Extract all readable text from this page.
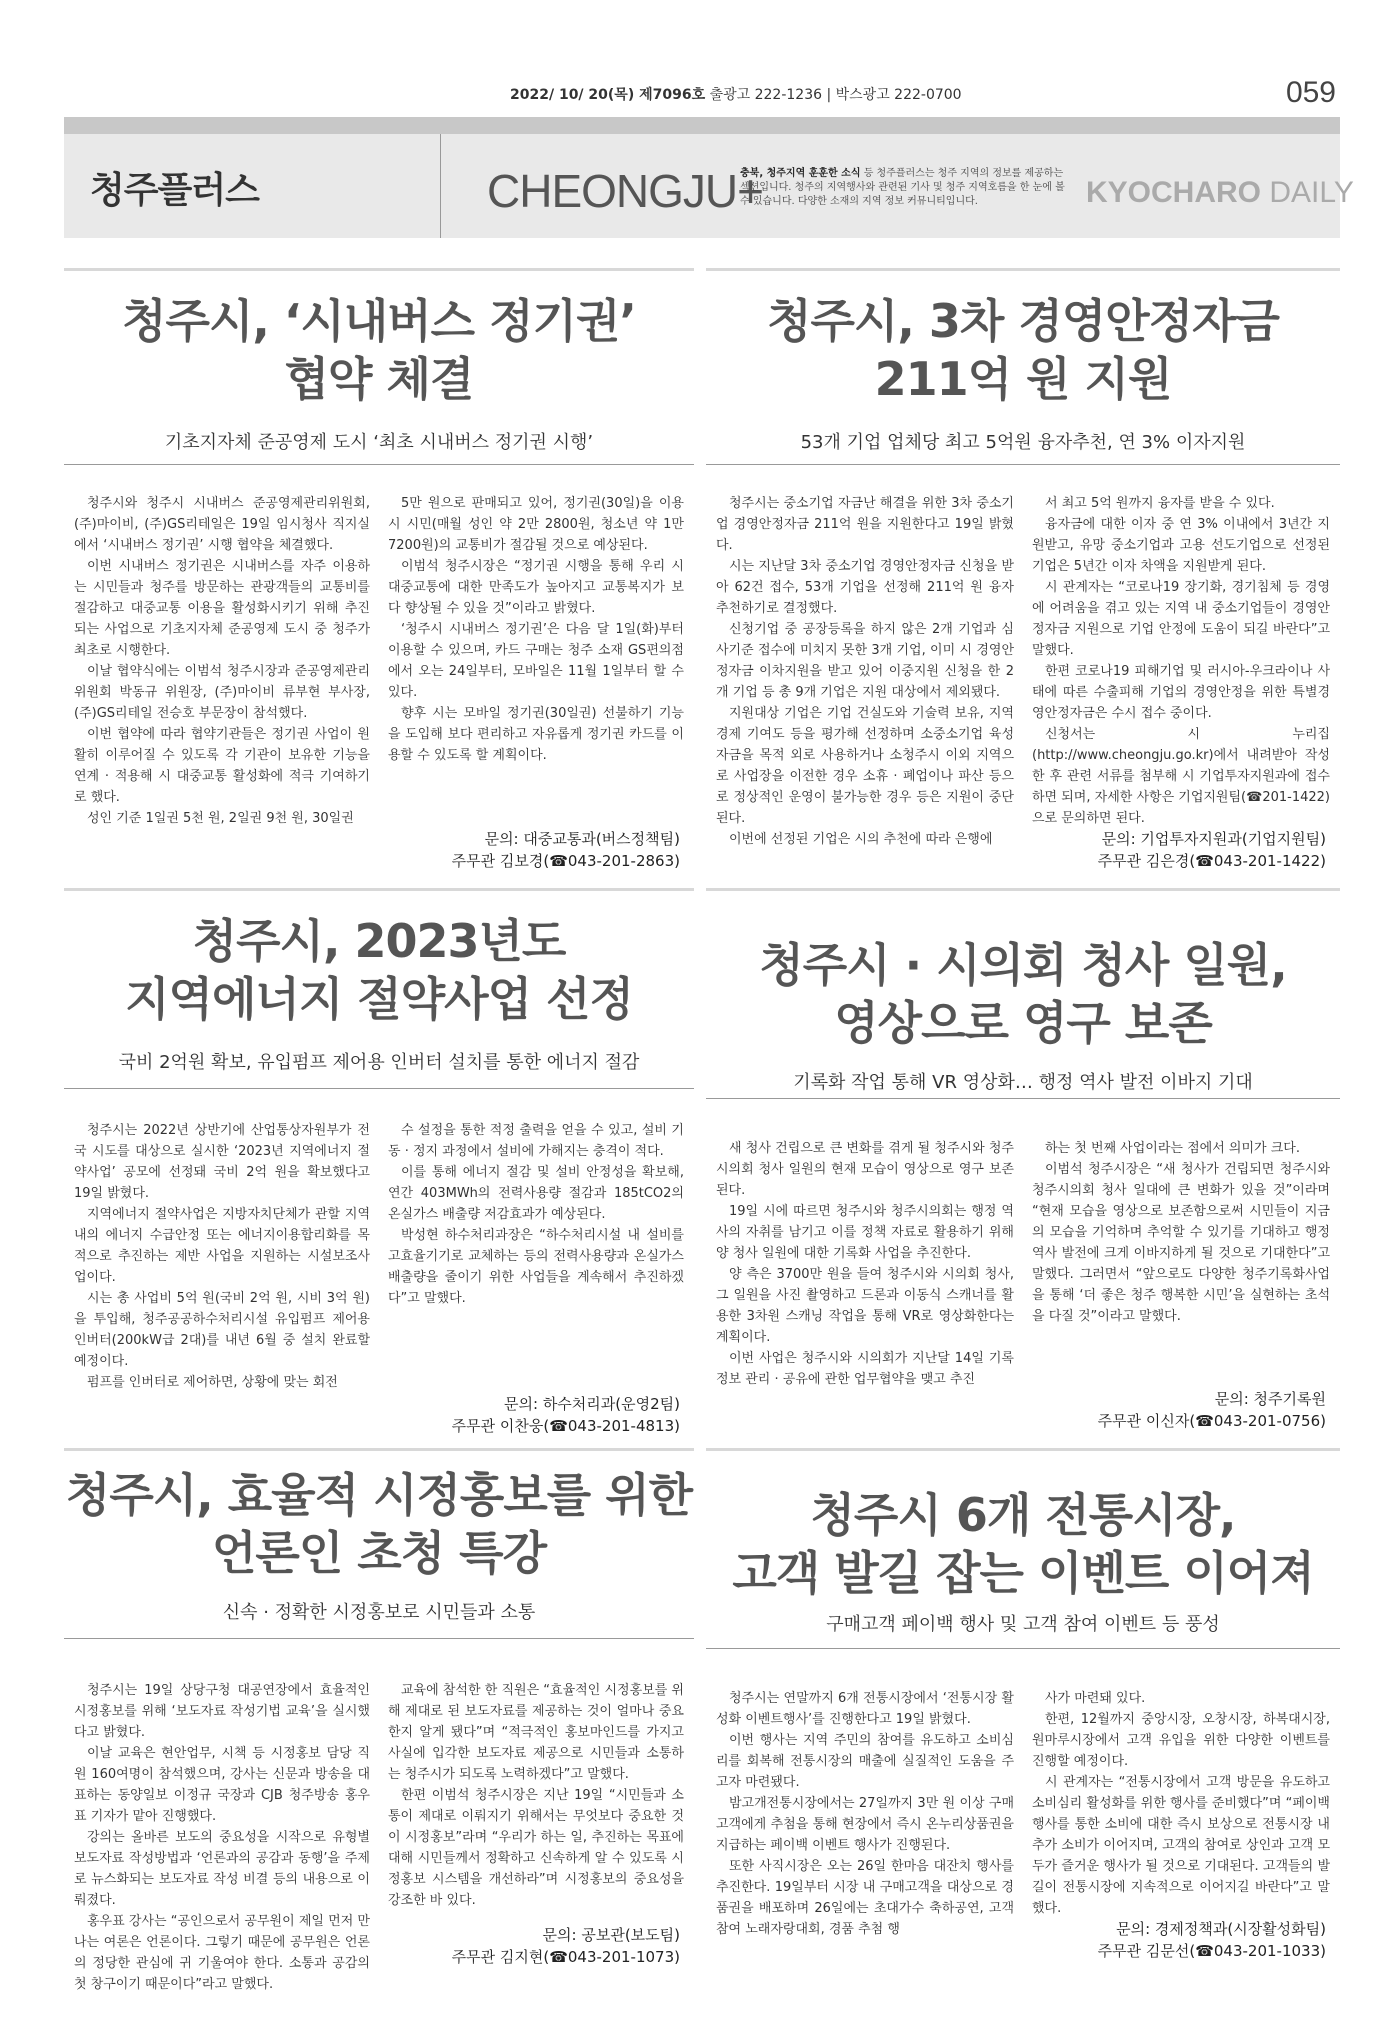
2022/ 10/ 20(목) 제7096호 출광고 222-1236 | 박스광고 222-0700	059
청주플러스	CHEONGJU+
충북, 청주지역 훈훈한 소식 등 청주플러스는 청주 지역의 정보를 제공하는 섹션입니다. 청주의 지역행사와 관련된 기사 및 청주 지역호름을 한 눈에 볼 수 있습니다. 다양한 소재의 지역 정보 커뮤니티입니다.	KYOCHARO DAILY
청주시, ‘시내버스 정기권’
협약 체결
기초지자체 준공영제 도시 ‘최초 시내버스 정기권 시행’

청주시와 청주시 시내버스 준공영제관리위원회, (주)마이비, (주)GS리테일은 19일 임시청사 직지실에서 ‘시내버스 정기권’ 시행 협약을 체결했다.

이번 시내버스 정기권은 시내버스를 자주 이용하는 시민들과 청주를 방문하는 관광객들의 교통비를 절감하고 대중교통 이용을 활성화시키기 위해 추진되는 사업으로 기초지자체 준공영제 도시 중 청주가 최초로 시행한다.

이날 협약식에는 이범석 청주시장과 준공영제관리위원회 박동규 위원장, (주)마이비 류부현 부사장, (주)GS리테일 전승호 부문장이 참석했다.

이번 협약에 따라 협약기관들은 정기권 사업이 원활히 이루어질 수 있도록 각 기관이 보유한 기능을 연계 · 적용해 시 대중교통 활성화에 적극 기여하기로 했다.

성인 기준 1일권 5천 원, 2일권 9천 원, 30일권

5만 원으로 판매되고 있어, 정기권(30일)을 이용 시 시민(매월 성인 약 2만 2800원, 청소년 약 1만 7200원)의 교통비가 절감될 것으로 예상된다.

이범석 청주시장은 “정기권 시행을 통해 우리 시 대중교통에 대한 만족도가 높아지고 교통복지가 보다 향상될 수 있을 것”이라고 밝혔다.

‘청주시 시내버스 정기권’은 다음 달 1일(화)부터 이용할 수 있으며, 카드 구매는 청주 소재 GS편의점에서 오는 24일부터, 모바일은 11월 1일부터 할 수 있다.

향후 시는 모바일 정기권(30일권) 선불하기 기능을 도입해 보다 편리하고 자유롭게 정기권 카드를 이용할 수 있도록 할 계획이다.

문의: 대중교통과(버스정책팀)
주무관 김보경(☎043-201-2863)
청주시, 3차 경영안정자금
211억 원 지원
53개 기업 업체당 최고 5억원 융자추천, 연 3% 이자지원

청주시는 중소기업 자금난 해결을 위한 3차 중소기업 경영안정자금 211억 원을 지원한다고 19일 밝혔다.

시는 지난달 3차 중소기업 경영안정자금 신청을 받아 62건 접수, 53개 기업을 선정해 211억 원 융자 추천하기로 결정했다.

신청기업 중 공장등록을 하지 않은 2개 기업과 심사기준 접수에 미치지 못한 3개 기업, 이미 시 경영안정자금 이차지원을 받고 있어 이중지원 신청을 한 2개 기업 등 총 9개 기업은 지원 대상에서 제외됐다.

지원대상 기업은 기업 건실도와 기술력 보유, 지역경제 기여도 등을 평가해 선정하며 소중소기업 육성자금을 목적 외로 사용하거나 소청주시 이외 지역으로 사업장을 이전한 경우 소휴 · 폐업이나 파산 등으로 정상적인 운영이 불가능한 경우 등은 지원이 중단된다.

이번에 선정된 기업은 시의 추천에 따라 은행에

서 최고 5억 원까지 융자를 받을 수 있다.

융자금에 대한 이자 중 연 3% 이내에서 3년간 지원받고, 유망 중소기업과 고용 선도기업으로 선정된 기업은 5년간 이자 차액을 지원받게 된다.

시 관계자는 “코로나19 장기화, 경기침체 등 경영에 어려움을 겪고 있는 지역 내 중소기업들이 경영안정자금 지원으로 기업 안정에 도움이 되길 바란다”고 말했다.

한편 코로나19 피해기업 및 러시아-우크라이나 사태에 따른 수출피해 기업의 경영안정을 위한 특별경영안정자금은 수시 접수 중이다.

신청서는 시 누리집(http://www.cheongju.go.kr)에서 내려받아 작성한 후 관련 서류를 첨부해 시 기업투자지원과에 접수하면 되며, 자세한 사항은 기업지원팀(☎201-1422)으로 문의하면 된다.

문의: 기업투자지원과(기업지원팀)
주무관 김은경(☎043-201-1422)
청주시, 2023년도
지역에너지 절약사업 선정
국비 2억원 확보, 유입펌프 제어용 인버터 설치를 통한 에너지 절감

청주시는 2022년 상반기에 산업통상자원부가 전국 시도를 대상으로 실시한 ‘2023년 지역에너지 절약사업’ 공모에 선정돼 국비 2억 원을 확보했다고 19일 밝혔다.

지역에너지 절약사업은 지방자치단체가 관할 지역 내의 에너지 수급안정 또는 에너지이용합리화를 목적으로 추진하는 제반 사업을 지원하는 시설보조사업이다.

시는 총 사업비 5억 원(국비 2억 원, 시비 3억 원)을 투입해, 청주공공하수처리시설 유입펌프 제어용 인버터(200kW급 2대)를 내년 6월 중 설치 완료할 예정이다.

펌프를 인버터로 제어하면, 상황에 맞는 회전

수 설정을 통한 적정 출력을 얻을 수 있고, 설비 기동 · 정지 과정에서 설비에 가해지는 충격이 적다.

이를 통해 에너지 절감 및 설비 안정성을 확보해, 연간 403MWh의 전력사용량 절감과 185tCO2의 온실가스 배출량 저감효과가 예상된다.

박성현 하수처리과장은 “하수처리시설 내 설비를 고효율기기로 교체하는 등의 전력사용량과 온실가스 배출량을 줄이기 위한 사업들을 계속해서 추진하겠다”고 말했다.

문의: 하수처리과(운영2팀)
주무관 이찬웅(☎043-201-4813)
청주시 · 시의회 청사 일원,
영상으로 영구 보존
기록화 작업 통해 VR 영상화… 행정 역사 발전 이바지 기대

새 청사 건립으로 큰 변화를 겪게 될 청주시와 청주시의회 청사 일원의 현재 모습이 영상으로 영구 보존된다.

19일 시에 따르면 청주시와 청주시의회는 행정 역사의 자취를 남기고 이를 정책 자료로 활용하기 위해 양 청사 일원에 대한 기록화 사업을 추진한다.

양 측은 3700만 원을 들여 청주시와 시의회 청사, 그 일원을 사진 촬영하고 드론과 이동식 스캐너를 활용한 3차원 스캐닝 작업을 통해 VR로 영상화한다는 계획이다.

이번 사업은 청주시와 시의회가 지난달 14일 기록정보 관리 · 공유에 관한 업무협약을 맺고 추진

하는 첫 번째 사업이라는 점에서 의미가 크다.

이범석 청주시장은 “새 청사가 건립되면 청주시와 청주시의회 청사 일대에 큰 변화가 있을 것”이라며 “현재 모습을 영상으로 보존함으로써 시민들이 지금의 모습을 기억하며 추억할 수 있기를 기대하고 행정 역사 발전에 크게 이바지하게 될 것으로 기대한다”고 말했다. 그러면서 “앞으로도 다양한 청주기록화사업을 통해 ‘더 좋은 청주 행복한 시민’을 실현하는 초석을 다질 것”이라고 말했다.

문의: 청주기록원
주무관 이신자(☎043-201-0756)
청주시, 효율적 시정홍보를 위한
언론인 초청 특강
신속 · 정확한 시정홍보로 시민들과 소통

청주시는 19일 상당구청 대공연장에서 효율적인 시정홍보를 위해 ‘보도자료 작성기법 교육’을 실시했다고 밝혔다.

이날 교육은 현안업무, 시책 등 시정홍보 담당 직원 160여명이 참석했으며, 강사는 신문과 방송을 대표하는 동양일보 이정규 국장과 CJB 청주방송 홍우표 기자가 맡아 진행했다.

강의는 올바른 보도의 중요성을 시작으로 유형별 보도자료 작성방법과 ‘언론과의 공감과 동행’을 주제로 뉴스화되는 보도자료 작성 비결 등의 내용으로 이뤄졌다.

홍우표 강사는 “공인으로서 공무원이 제일 먼저 만나는 여론은 언론이다. 그렇기 때문에 공무원은 언론의 정당한 관심에 귀 기울여야 한다. 소통과 공감의 첫 창구이기 때문이다”라고 말했다.

교육에 참석한 한 직원은 “효율적인 시정홍보를 위해 제대로 된 보도자료를 제공하는 것이 얼마나 중요한지 알게 됐다”며 “적극적인 홍보마인드를 가지고 사실에 입각한 보도자료 제공으로 시민들과 소통하는 청주시가 되도록 노력하겠다”고 말했다.

한편 이범석 청주시장은 지난 19일 “시민들과 소통이 제대로 이뤄지기 위해서는 무엇보다 중요한 것이 시정홍보”라며 “우리가 하는 일, 추진하는 목표에 대해 시민들께서 정확하고 신속하게 알 수 있도록 시정홍보 시스템을 개선하라”며 시정홍보의 중요성을 강조한 바 있다.

문의: 공보관(보도팀)
주무관 김지현(☎043-201-1073)
청주시 6개 전통시장,
고객 발길 잡는 이벤트 이어져
구매고객 페이백 행사 및 고객 참여 이벤트 등 풍성

청주시는 연말까지 6개 전통시장에서 ‘전통시장 활성화 이벤트행사’를 진행한다고 19일 밝혔다.

이번 행사는 지역 주민의 참여를 유도하고 소비심리를 회복해 전통시장의 매출에 실질적인 도움을 주고자 마련됐다.

밤고개전통시장에서는 27일까지 3만 원 이상 구매고객에게 추첨을 통해 현장에서 즉시 온누리상품권을 지급하는 페이백 이벤트 행사가 진행된다.

또한 사직시장은 오는 26일 한마음 대잔치 행사를 추진한다. 19일부터 시장 내 구매고객을 대상으로 경품권을 배포하며 26일에는 초대가수 축하공연, 고객 참여 노래자랑대회, 경품 추첨 행

사가 마련돼 있다.

한편, 12월까지 중앙시장, 오창시장, 하복대시장, 원마루시장에서 고객 유입을 위한 다양한 이벤트를 진행할 예정이다.

시 관계자는 “전통시장에서 고객 방문을 유도하고 소비심리 활성화를 위한 행사를 준비했다”며 “페이백 행사를 통한 소비에 대한 즉시 보상으로 전통시장 내 추가 소비가 이어지며, 고객의 참여로 상인과 고객 모두가 즐거운 행사가 될 것으로 기대된다. 고객들의 발길이 전통시장에 지속적으로 이어지길 바란다”고 말했다.

문의: 경제정책과(시장활성화팀)
주무관 김문선(☎043-201-1033)
